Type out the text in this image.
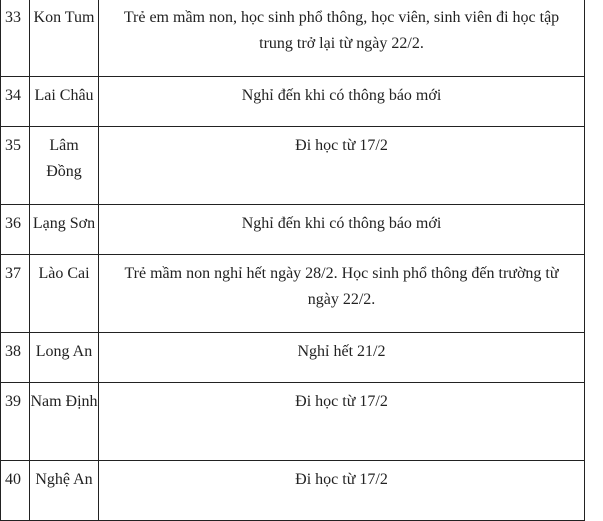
33	Kon Tum	Trẻ em mầm non, học sinh phổ thông, học viên, sinh viên đi học tập trung trở lại từ ngày 22/2.

34	Lai Châu	Nghỉ đến khi có thông báo mới

35	Lâm Đồng	Đi học từ 17/2

36	Lạng Sơn	Nghỉ đến khi có thông báo mới

37	Lào Cai	Trẻ mầm non nghỉ hết ngày 28/2. Học sinh phổ thông đến trường từ ngày 22/2.

38	Long An	Nghỉ hết 21/2

39	Nam Định	Đi học từ 17/2

40	Nghệ An	Đi học từ 17/2
